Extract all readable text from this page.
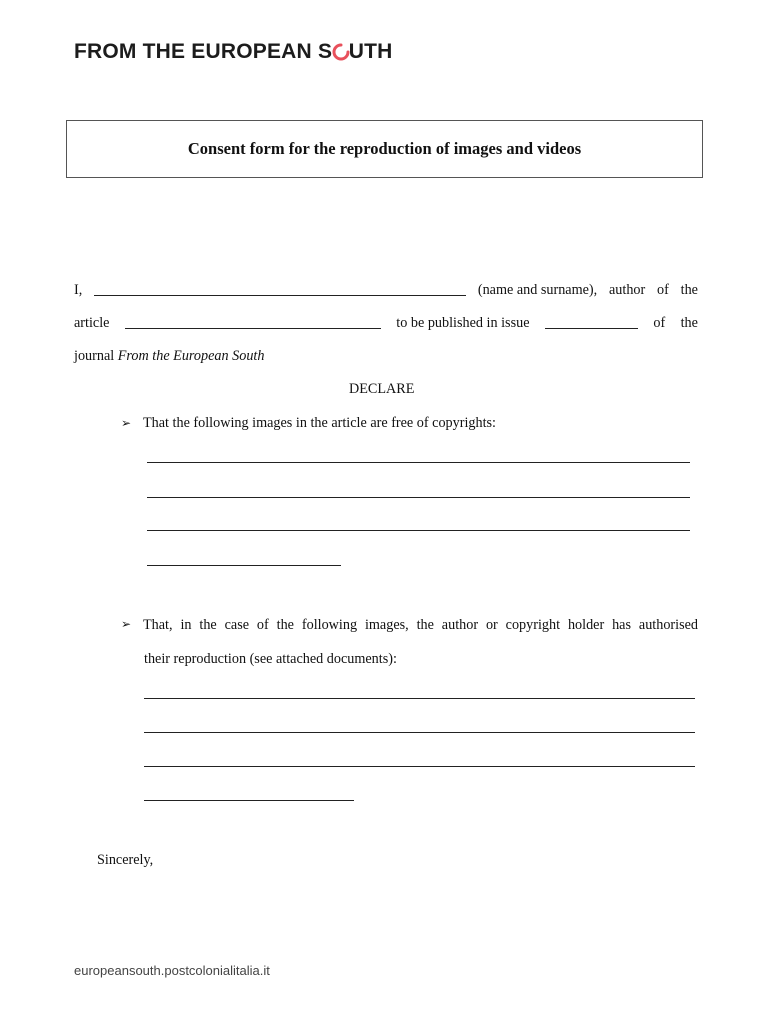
FROM THE EUROPEAN S UTH
Consent form for the reproduction of images and videos
I,	(name and surname), author of the
article	to be published in issue	of the
journal From the European South
DECLARE
➢ That the following images in the article are free of copyrights:
➢ That, in the case of the following images, the author or copyright holder has authorised
their reproduction (see attached documents):
Sincerely,
europeansouth.postcolonialitalia.it
